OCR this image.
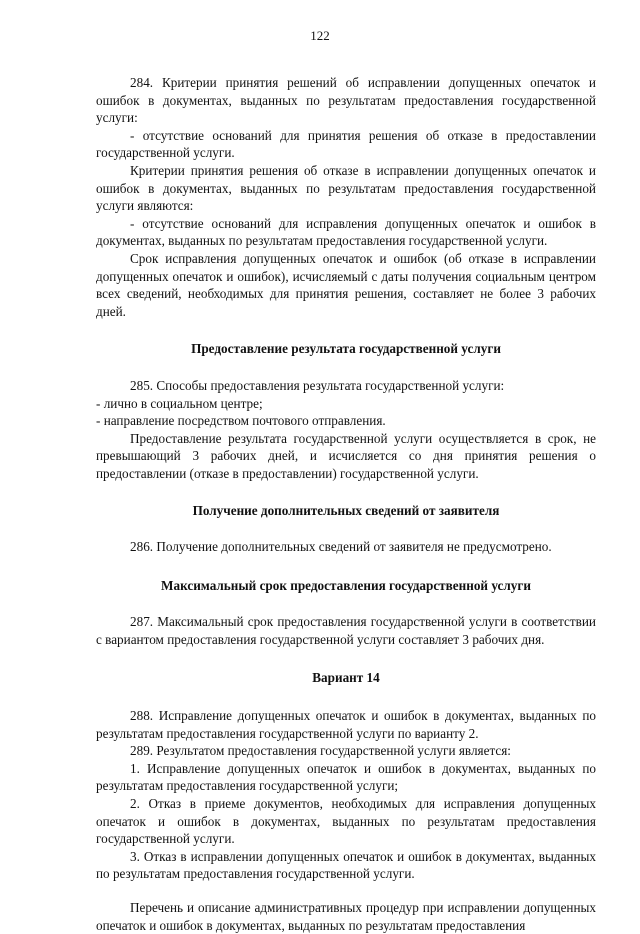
122

284. Критерии принятия решений об исправлении допущенных опечаток и ошибок в документах, выданных по результатам предоставления государственной услуги:

- отсутствие оснований для принятия решения об отказе в предоставлении государственной услуги.

Критерии принятия решения об отказе в исправлении допущенных опечаток и ошибок в документах, выданных по результатам предоставления государственной услуги являются:

- отсутствие оснований для исправления допущенных опечаток и ошибок в документах, выданных по результатам предоставления государственной услуги.

Срок исправления допущенных опечаток и ошибок (об отказе в исправлении допущенных опечаток и ошибок), исчисляемый с даты получения социальным центром всех сведений, необходимых для принятия решения, составляет не более 3 рабочих дней.

Предоставление результата государственной услуги

285. Способы предоставления результата государственной услуги:

- лично в социальном центре;

- направление посредством почтового отправления.

Предоставление результата государственной услуги осуществляется в срок, не превышающий 3 рабочих дней, и исчисляется со дня принятия решения о предоставлении (отказе в предоставлении) государственной услуги.

Получение дополнительных сведений от заявителя

286. Получение дополнительных сведений от заявителя не предусмотрено.

Максимальный срок предоставления государственной услуги

287. Максимальный срок предоставления государственной услуги в соответствии с вариантом предоставления государственной услуги составляет 3 рабочих дня.

Вариант 14

288. Исправление допущенных опечаток и ошибок в документах, выданных по результатам предоставления государственной услуги по варианту 2.

289. Результатом предоставления государственной услуги является:

1. Исправление допущенных опечаток и ошибок в документах, выданных по результатам предоставления государственной услуги;

2. Отказ в приеме документов, необходимых для исправления допущенных опечаток и ошибок в документах, выданных по результатам предоставления государственной услуги.

3. Отказ в исправлении допущенных опечаток и ошибок в документах, выданных по результатам предоставления государственной услуги.

Перечень и описание административных процедур при исправлении допущенных опечаток и ошибок в документах, выданных по результатам предоставления
